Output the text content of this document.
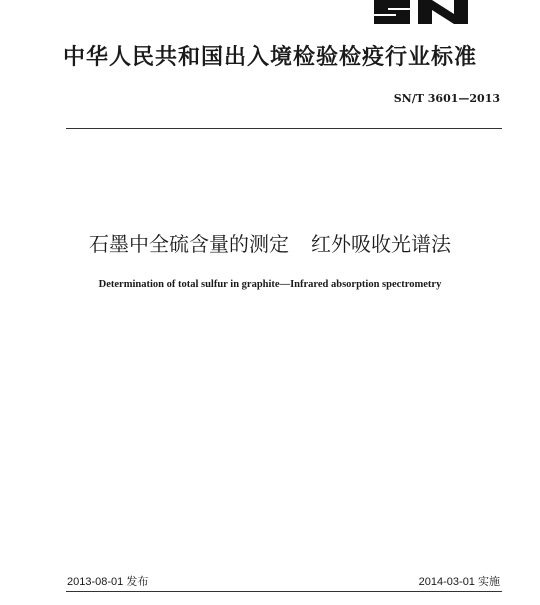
中华人民共和国出入境检验检疫行业标准
SN/T 3601—2013
石墨中全硫含量的测定 红外吸收光谱法
Determination of total sulfur in graphite—Infrared absorption spectrometry
2013-08-01 发布	2014-03-01 实施
